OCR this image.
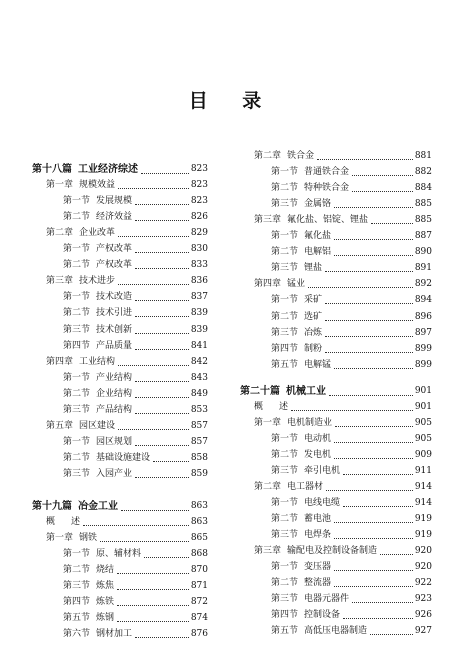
目 录
第十八篇 工业经济综述	823
第一章 规模效益	823
第一节 发展规模	823
第二节 经济效益	826
第二章 企业改革	829
第一节 产权改革	830
第二节 产权改革	833
第三章 技术进步	836
第一节 技术改造	837
第二节 技术引进	839
第三节 技术创新	839
第四节 产品质量	841
第四章 工业结构	842
第一节 产业结构	843
第二节 企业结构	849
第三节 产品结构	853
第五章 园区建设	857
第一节 园区规划	857
第二节 基础设施建设	858
第三节 入园产业	859
第十九篇 冶金工业	863
概 述	863
第一章 钢铁	865
第一节 原、辅材料	868
第二节 烧结	870
第三节 炼焦	871
第四节 炼铁	872
第五节 炼钢	874
第六节 钢材加工	876
第二章 铁合金	881
第一节 普通铁合金	882
第二节 特种铁合金	884
第三节 金属铬	885
第三章 氟化盐、铝锭、锂盐	885
第一节 氟化盐	887
第二节 电解铝	890
第三节 锂盐	891
第四章 锰业	892
第一节 采矿	894
第二节 选矿	896
第三节 冶炼	897
第四节 制粉	899
第五节 电解锰	899
第二十篇 机械工业	901
概 述	901
第一章 电机制造业	905
第一节 电动机	905
第二节 发电机	909
第三节 牵引电机	911
第二章 电工器材	914
第一节 电线电缆	914
第二节 蓄电池	919
第三节 电焊条	919
第三章 输配电及控制设备制造	920
第一节 变压器	920
第二节 整流器	922
第三节 电器元器件	923
第四节 控制设备	926
第五节 高低压电器制造	927
